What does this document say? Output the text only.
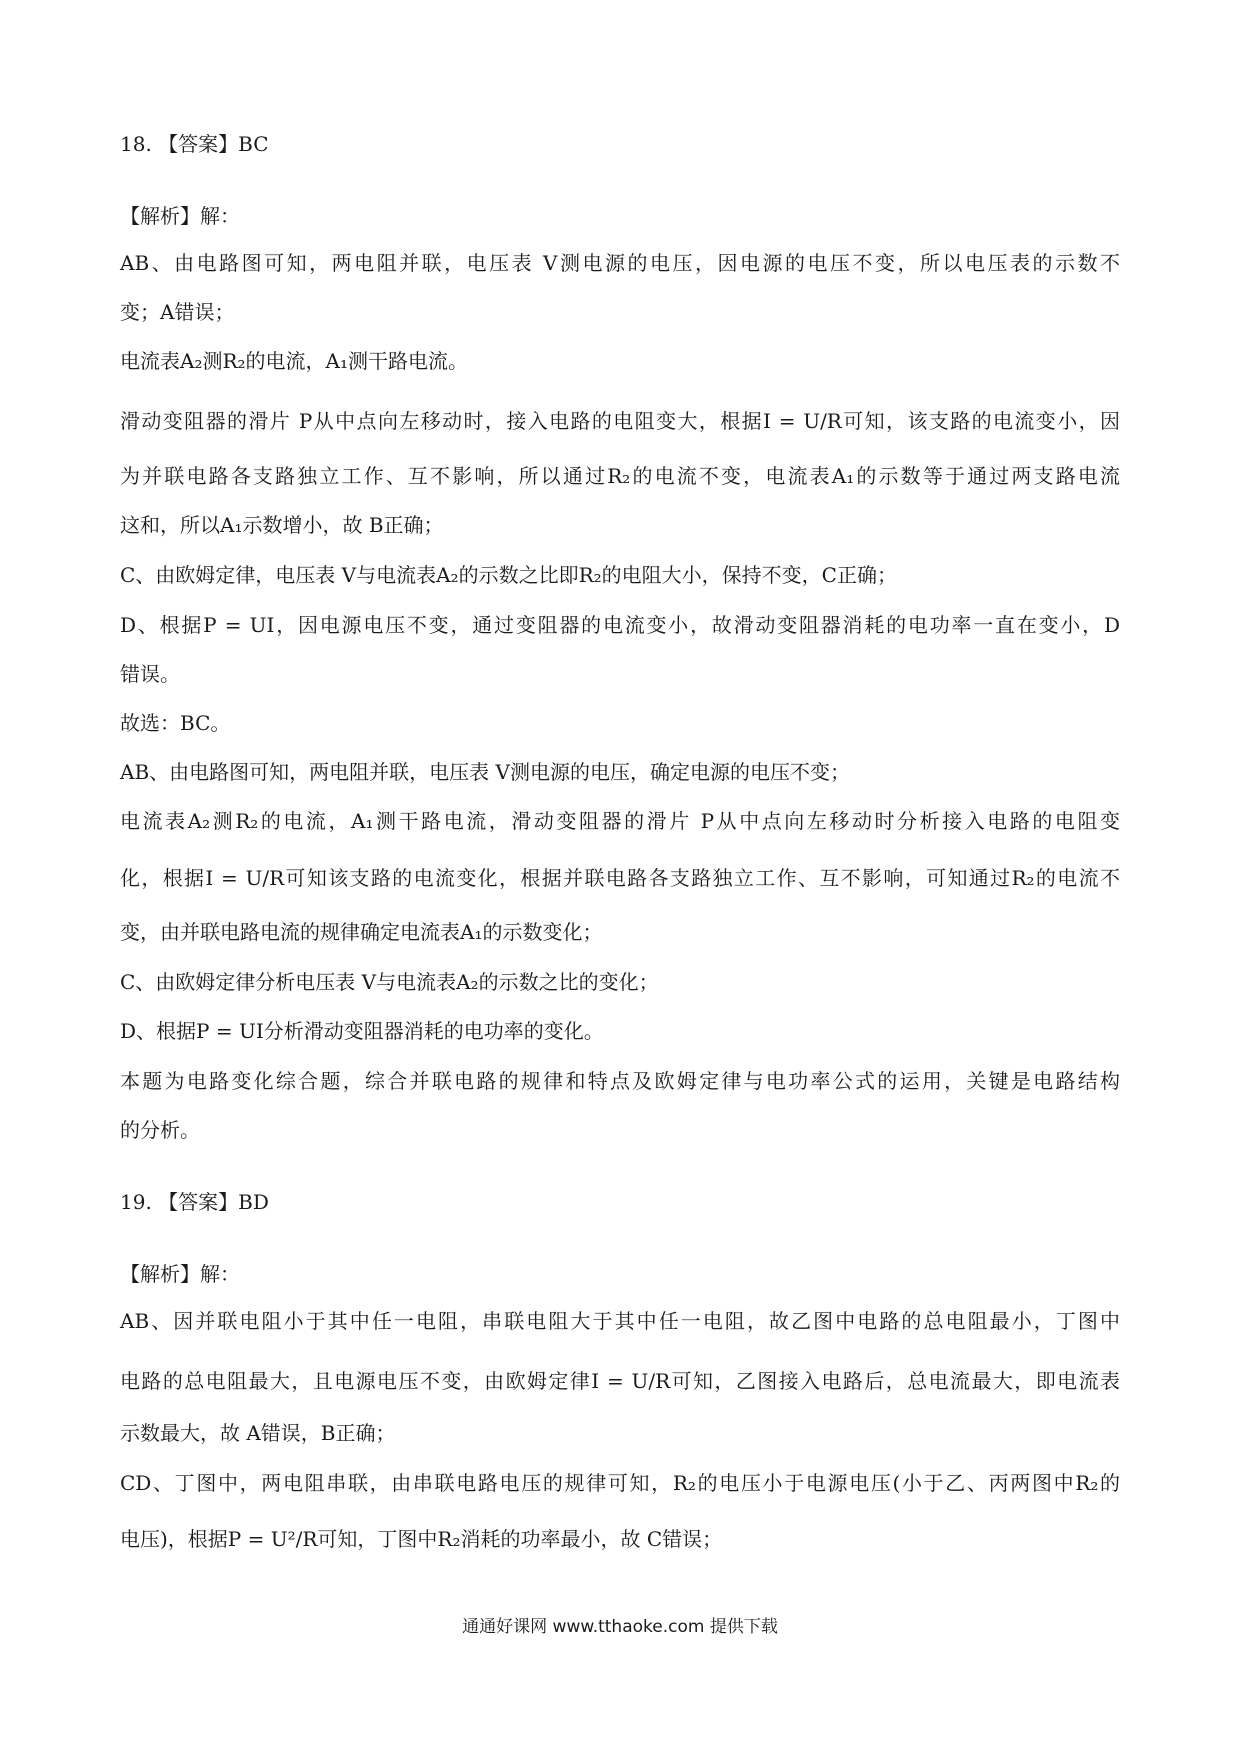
18. 【答案】BC
【解析】解：
AB、由电路图可知，两电阻并联，电压表 V测电源的电压，因电源的电压不变，所以电压表的示数不
变；A错误；
电流表A₂测R₂的电流，A₁测干路电流。
滑动变阻器的滑片 P从中点向左移动时，接入电路的电阻变大，根据I = U/R可知，该支路的电流变小，因
为并联电路各支路独立工作、互不影响，所以通过R₂的电流不变，电流表A₁的示数等于通过两支路电流
这和，所以A₁示数增小，故 B正确；
C、由欧姆定律，电压表 V与电流表A₂的示数之比即R₂的电阻大小，保持不变，C正确；
D、根据P = UI，因电源电压不变，通过变阻器的电流变小，故滑动变阻器消耗的电功率一直在变小，D
错误。
故选：BC。
AB、由电路图可知，两电阻并联，电压表 V测电源的电压，确定电源的电压不变；
电流表A₂测R₂的电流，A₁测干路电流，滑动变阻器的滑片 P从中点向左移动时分析接入电路的电阻变
化，根据I = U/R可知该支路的电流变化，根据并联电路各支路独立工作、互不影响，可知通过R₂的电流不
变，由并联电路电流的规律确定电流表A₁的示数变化；
C、由欧姆定律分析电压表 V与电流表A₂的示数之比的变化；
D、根据P = UI分析滑动变阻器消耗的电功率的变化。
本题为电路变化综合题，综合并联电路的规律和特点及欧姆定律与电功率公式的运用，关键是电路结构
的分析。
19. 【答案】BD
【解析】解：
AB、因并联电阻小于其中任一电阻，串联电阻大于其中任一电阻，故乙图中电路的总电阻最小，丁图中
电路的总电阻最大，且电源电压不变，由欧姆定律I = U/R可知，乙图接入电路后，总电流最大，即电流表
示数最大，故 A错误，B正确；
CD、丁图中，两电阻串联，由串联电路电压的规律可知，R₂的电压小于电源电压(小于乙、丙两图中R₂的
电压)，根据P = U²/R可知，丁图中R₂消耗的功率最小，故 C错误；
通通好课网 www.tthaoke.com 提供下载
